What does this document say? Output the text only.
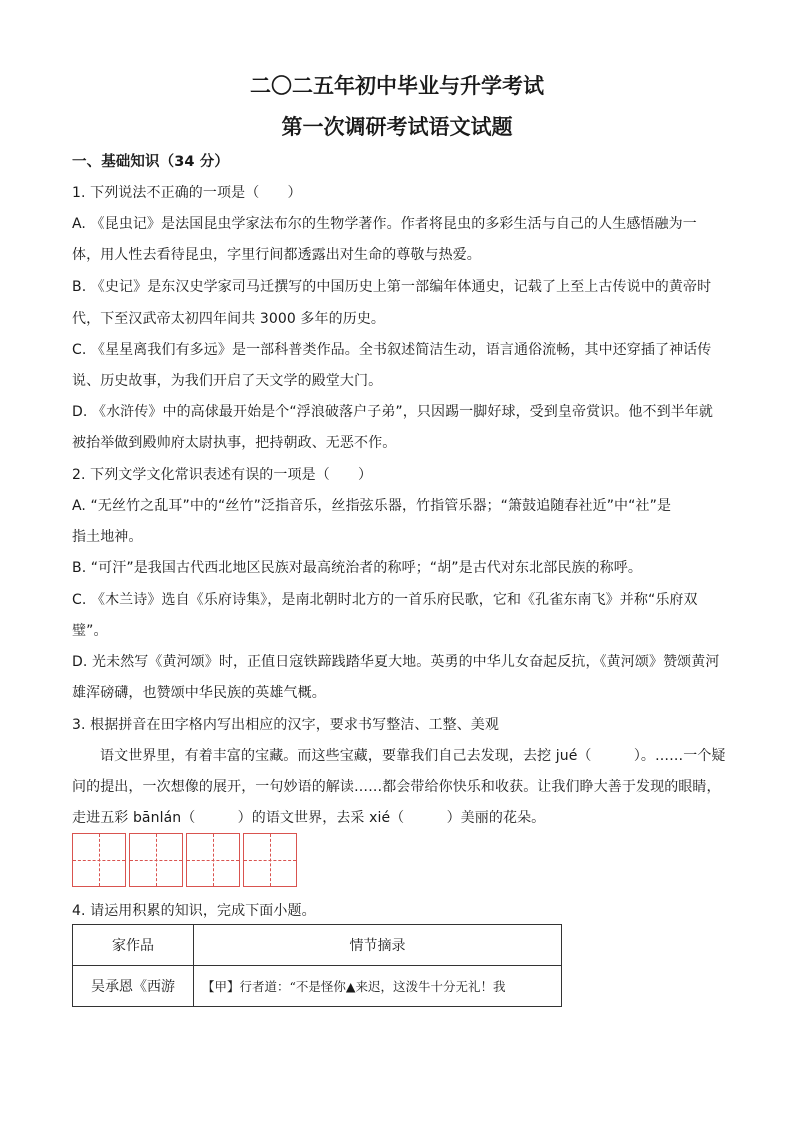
二〇二五年初中毕业与升学考试
第一次调研考试语文试题
一、基础知识（34 分）
1. 下列说法不正确的一项是（　　）
A. 《昆虫记》是法国昆虫学家法布尔的生物学著作。作者将昆虫的多彩生活与自己的人生感悟融为一
体，用人性去看待昆虫，字里行间都透露出对生命的尊敬与热爱。
B. 《史记》是东汉史学家司马迁撰写的中国历史上第一部编年体通史，记载了上至上古传说中的黄帝时
代，下至汉武帝太初四年间共 3000 多年的历史。
C. 《星星离我们有多远》是一部科普类作品。全书叙述简洁生动，语言通俗流畅，其中还穿插了神话传
说、历史故事，为我们开启了天文学的殿堂大门。
D. 《水浒传》中的高俅最开始是个“浮浪破落户子弟”，只因踢一脚好球，受到皇帝赏识。他不到半年就
被抬举做到殿帅府太尉执事，把持朝政、无恶不作。
2. 下列文学文化常识表述有误的一项是（　　）
A. “无丝竹之乱耳”中的“丝竹”泛指音乐，丝指弦乐器，竹指管乐器；“箫鼓追随春社近”中“社”是
指土地神。
B. “可汗”是我国古代西北地区民族对最高统治者的称呼；“胡”是古代对东北部民族的称呼。
C. 《木兰诗》选自《乐府诗集》，是南北朝时北方的一首乐府民歌，它和《孔雀东南飞》并称“乐府双
璧”。
D. 光未然写《黄河颂》时，正值日寇铁蹄践踏华夏大地。英勇的中华儿女奋起反抗，《黄河颂》赞颂黄河
雄浑磅礴，也赞颂中华民族的英雄气概。
3. 根据拼音在田字格内写出相应的汉字，要求书写整洁、工整、美观
语文世界里，有着丰富的宝藏。而这些宝藏，要靠我们自己去发现，去挖 jué（　　　）。……一个疑
问的提出，一次想像的展开，一句妙语的解读……都会带给你快乐和收获。让我们睁大善于发现的眼睛，
走进五彩 bānlán（　　　）的语文世界，去采 xié（　　　）美丽的花朵。
4. 请运用积累的知识，完成下面小题。
家作品	情节摘录
吴承恩《西游	【甲】行者道：“不是怪你▲来迟，这泼牛十分无礼！我
